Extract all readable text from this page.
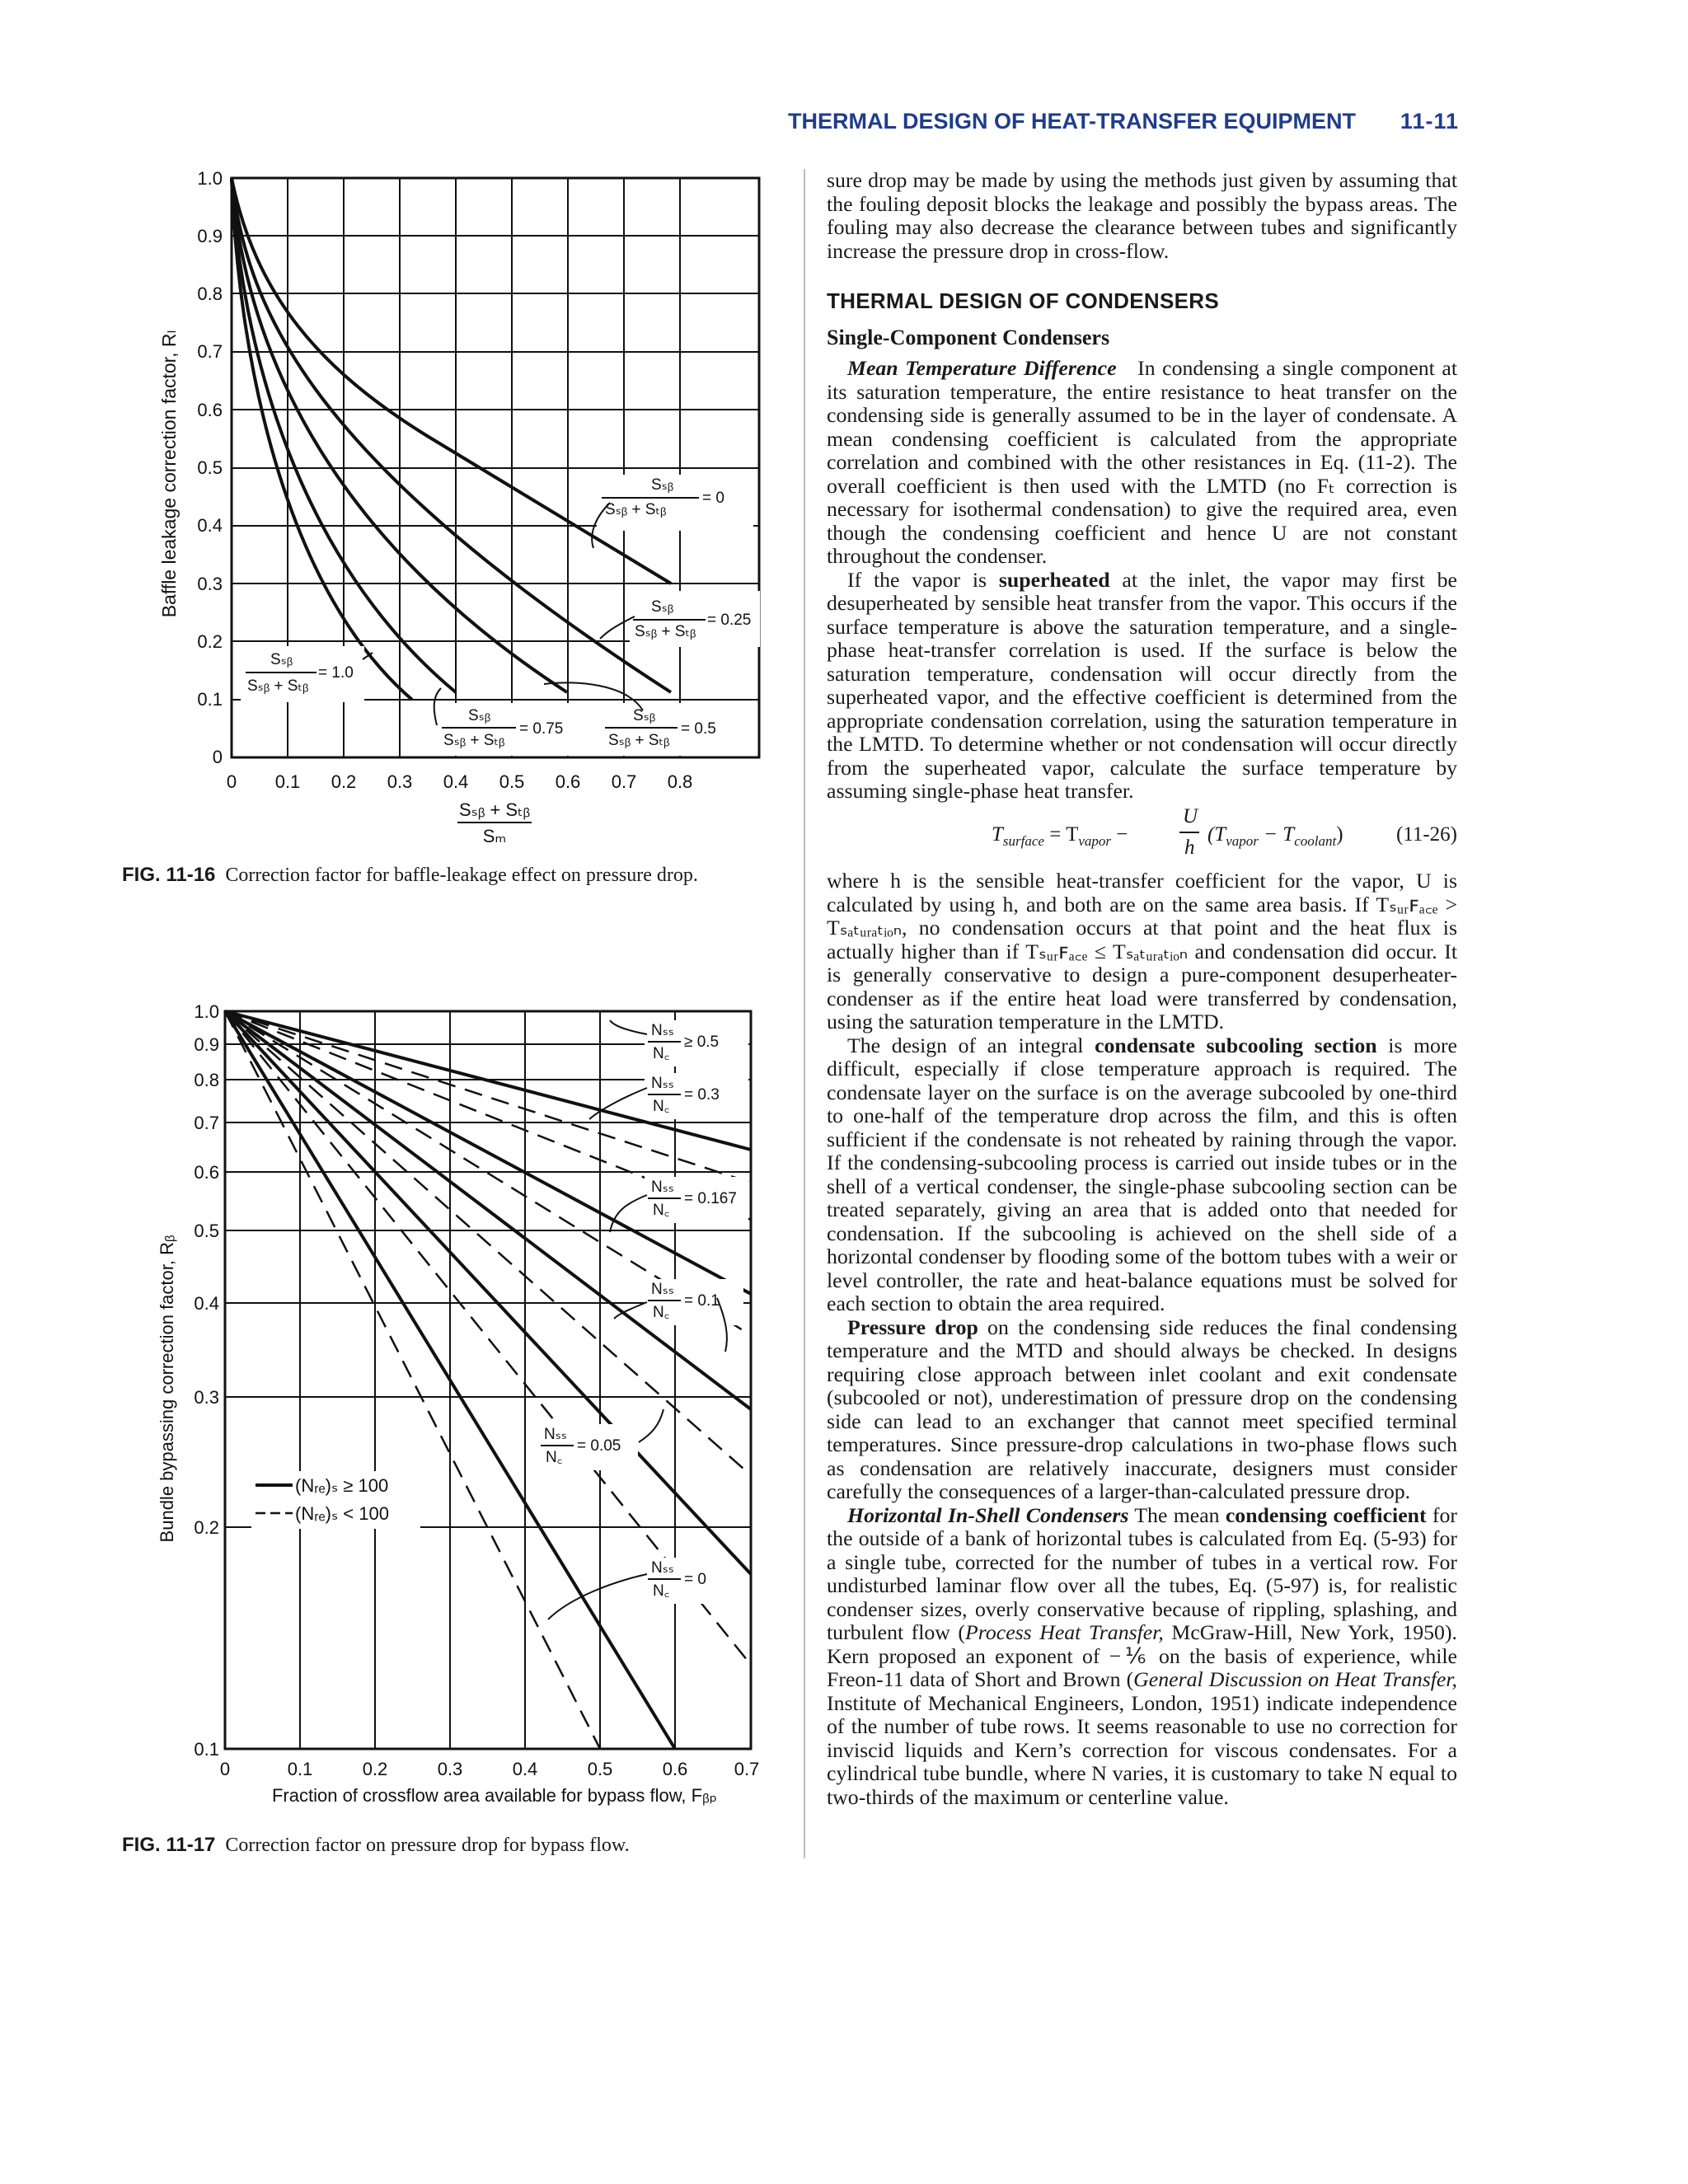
THERMAL DESIGN OF HEAT-TRANSFER EQUIPMENT 11-11
0
0.1
0.2
0.3
0.4
0.5
0.6
0.7
0.8
0.9
1.0
0 0.1 0.2 0.3 0.4 0.5 0.6 0.7 0.8
Baffle leakage correction factor, Rₗ
Sₛᵦ + Sₜᵦ
Sₘ
Sₛᵦ
Sₛᵦ + Sₜᵦ
= 0
Sₛᵦ
Sₛᵦ + Sₜᵦ
= 0.25
Sₛᵦ
Sₛᵦ + Sₜᵦ
= 1.0
Sₛᵦ
Sₛᵦ + Sₜᵦ
= 0.75
Sₛᵦ
Sₛᵦ + Sₜᵦ
= 0.5
FIG. 11-16 Correction factor for baffle-leakage effect on pressure drop.
0.1
0.2
0.3
0.4
0.5
0.6
0.7
0.8
0.9
1.0
0	0.1	0.2	0.3	0.4	0.5	0.6	0.7
Bundle bypassing correction factor, Rᵦ
Fraction of crossflow area available for bypass flow, Fᵦₚ
(Nᵣₑ)ₛ ≥ 100
(Nᵣₑ)ₛ < 100
Nₛₛ
N꜀
≥ 0.5
Nₛₛ
N꜀
= 0.3
Nₛₛ
N꜀
= 0.167
Nₛₛ
N꜀
= 0.1
Nₛₛ
N꜀
= 0.05
Nₛₛ
N꜀
= 0
FIG. 11-17 Correction factor on pressure drop for bypass flow.

sure drop may be made by using the methods just given by assuming that the fouling deposit blocks the leakage and possibly the bypass areas. The fouling may also decrease the clearance between tubes and significantly increase the pressure drop in cross-flow.

THERMAL DESIGN OF CONDENSERS
Single-Component Condensers

Mean Temperature Difference In condensing a single component at its saturation temperature, the entire resistance to heat transfer on the condensing side is generally assumed to be in the layer of condensate. A mean condensing coefficient is calculated from the appropriate correlation and combined with the other resistances in Eq. (11-2). The overall coefficient is then used with the LMTD (no Fₜ correction is necessary for isothermal condensation) to give the required area, even though the condensing coefficient and hence U are not constant throughout the condenser.

If the vapor is superheated at the inlet, the vapor may first be desuperheated by sensible heat transfer from the vapor. This occurs if the surface temperature is above the saturation temperature, and a single-phase heat-transfer correlation is used. If the surface is below the saturation temperature, condensation will occur directly from the superheated vapor, and the effective coefficient is determined from the appropriate condensation correlation, using the saturation temperature in the LMTD. To determine whether or not condensation will occur directly from the superheated vapor, calculate the surface temperature by assuming single-phase heat transfer.

$T_{surface} = T_{vapor}$ −
U
h
$(T_{vapor} - T_{coolant})$	(11-26)

where h is the sensible heat-transfer coefficient for the vapor, U is calculated by using h, and both are on the same area basis. If Tₛᵤᵣꜰₐ꜀ₑ > Tₛₐₜᵤᵣₐₜᵢₒₙ, no condensation occurs at that point and the heat flux is actually higher than if Tₛᵤᵣꜰₐ꜀ₑ ≤ Tₛₐₜᵤᵣₐₜᵢₒₙ and condensation did occur. It is generally conservative to design a pure-component desuperheater-condenser as if the entire heat load were transferred by condensation, using the saturation temperature in the LMTD.

The design of an integral condensate subcooling section is more difficult, especially if close temperature approach is required. The condensate layer on the surface is on the average subcooled by one-third to one-half of the temperature drop across the film, and this is often sufficient if the condensate is not reheated by raining through the vapor. If the condensing-subcooling process is carried out inside tubes or in the shell of a vertical condenser, the single-phase subcooling section can be treated separately, giving an area that is added onto that needed for condensation. If the subcooling is achieved on the shell side of a horizontal condenser by flooding some of the bottom tubes with a weir or level controller, the rate and heat-balance equations must be solved for each section to obtain the area required.

Pressure drop on the condensing side reduces the final condensing temperature and the MTD and should always be checked. In designs requiring close approach between inlet coolant and exit condensate (subcooled or not), underestimation of pressure drop on the condensing side can lead to an exchanger that cannot meet specified terminal temperatures. Since pressure-drop calculations in two-phase flows such as condensation are relatively inaccurate, designers must consider carefully the consequences of a larger-than-calculated pressure drop.

Horizontal In-Shell Condensers The mean condensing coefficient for the outside of a bank of horizontal tubes is calculated from Eq. (5-93) for a single tube, corrected for the number of tubes in a vertical row. For undisturbed laminar flow over all the tubes, Eq. (5-97) is, for realistic condenser sizes, overly conservative because of rippling, splashing, and turbulent flow (Process Heat Transfer, McGraw-Hill, New York, 1950). Kern proposed an exponent of −⅙ on the basis of experience, while Freon-11 data of Short and Brown (General Discussion on Heat Transfer, Institute of Mechanical Engineers, London, 1951) indicate independence of the number of tube rows. It seems reasonable to use no correction for inviscid liquids and Kern’s correction for viscous condensates. For a cylindrical tube bundle, where N varies, it is customary to take N equal to two-thirds of the maximum or centerline value.
